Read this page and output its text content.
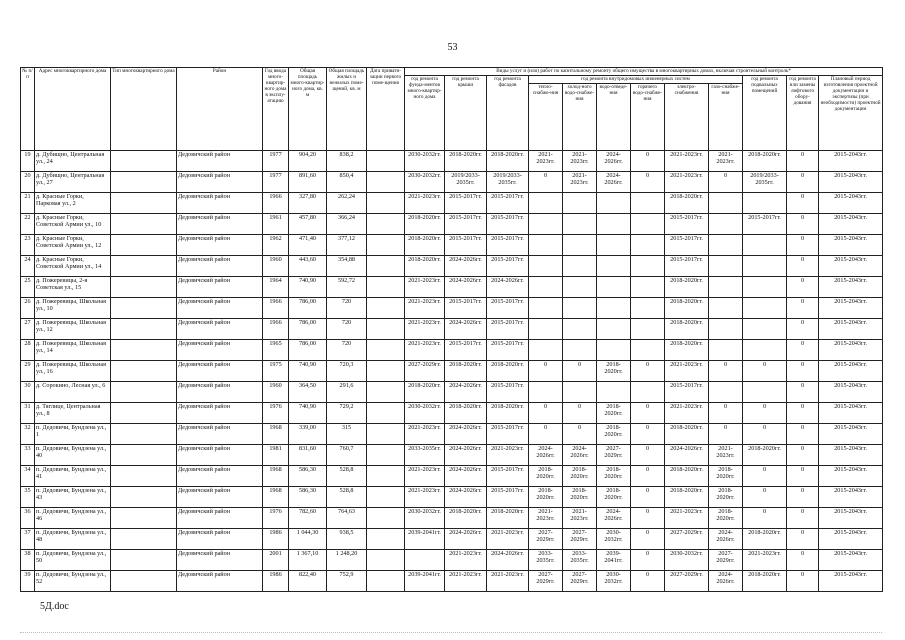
53
№ п/п	Адрес многоквартирного дома	Тип многоквартирного дома	Район	Год ввода много-квартир-ного дома в эксплу-атацию	Общая площадь много-квартир-ного дома, кв. м	Общая площадь жилых и нежилых поме-щений, кв. м	Дата привати-зации первого поме-щения	Виды услуг и (или) работ по капитальному ремонту общего имущества в многоквартирных домах, включая строительный контроль*											
								год ремонта фунда-ментов много-квартир-ного дома	год ремонта крыши	год ремонта фасадов	год ремонта внутридомовых инженерных систем						год ремонта подвальных помещений	год ремонта или замены лифтового обору-дования	Плановый период изготовления проектной документации и экспертизы (при необходимости) проектной документации
											тепло-снабже-ния	холод-ного водо-снабже-ния	водо-отведе-ния	горячего водо-снабже-ния	электро-снабжения	газо-снабже-ния			
19	д. Дубищно, Центральная ул., 24		Дедовичский район	1977	904,20	838,2		2030-2032гг.	2018-2020гг.	2018-2020гг.	2021-2023гг.	2021-2023гг.	2024-2026гг.	0	2021-2023гг.	2021-2023гг.	2018-2020гг.	0	2015-2043гг.
20	д. Дубищно, Центральная ул., 27		Дедовичский район	1977	891,60	850,4		2030-2032гг.	2019/2033-2035гг.	2019/2033-2035гг.	0	2021-2023гг.	2024-2026гг.	0	2021-2023гг.	0	2019/2033-2035гг.	0	2015-2043гг.
21	д. Красные Горки, Парковая ул., 2		Дедовичский район	1966	327,80	262,24		2021-2023гг.	2015-2017гг.	2015-2017гг.					2018-2020гг.			0	2015-2043гг.
22	д. Красные Горки, Советской Армии ул., 10		Дедовичский район	1961	457,80	366,24		2018-2020гг.	2015-2017гг.	2015-2017гг.					2015-2017гг.		2015-2017гг.	0	2015-2043гг.
23	д. Красные Горки, Советской Армии ул., 12		Дедовичский район	1962	471,40	377,12		2018-2020гг.	2015-2017гг.	2015-2017гг.					2015-2017гг.			0	2015-2043гг.
24	д. Красные Горки, Советской Армии ул., 14		Дедовичский район	1960	443,60	354,88		2018-2020гг.	2024-2026гг.	2015-2017гг.					2015-2017гг.			0	2015-2043гг.
25	д. Пожеревицы, 2-я Советская ул., 15		Дедовичский район	1964	740,90	592,72		2021-2023гг.	2024-2026гг.	2024-2026гг.					2018-2020гг.			0	2015-2043гг.
26	д. Пожеревицы, Школьная ул., 10		Дедовичский район	1966	786,00	720		2021-2023гг.	2015-2017гг.	2015-2017гг.					2018-2020гг.			0	2015-2043гг.
27	д. Пожеревицы, Школьная ул., 12		Дедовичский район	1966	786,00	720		2021-2023гг.	2024-2026гг.	2015-2017гг.					2018-2020гг.			0	2015-2043гг.
28	д. Пожеревицы, Школьная ул., 14		Дедовичский район	1965	786,00	720		2021-2023гг.	2015-2017гг.	2015-2017гг.					2018-2020гг.			0	2015-2043гг.
29	д. Пожеревицы, Школьная ул., 16		Дедовичский район	1975	740,90	720,3		2027-2029гг.	2018-2020гг.	2018-2020гг.	0	0	2018-2020гг.	0	2021-2023гг.	0	0	0	2015-2043гг.
30	д. Сорокино, Лесная ул., 6		Дедовичский район	1960	364,50	291,6		2018-2020гг.	2024-2026гг.	2015-2017гг.					2015-2017гг.			0	2015-2043гг.
31	д. Тяглице, Центральная ул., 8		Дедовичский район	1976	740,90	729,2		2030-2032гг.	2018-2020гг.	2018-2020гг.	0	0	2018-2020гг.	0	2021-2023гг.	0	0	0	2015-2043гг.
32	п. Дедовичи, Бундзена ул., 1		Дедовичский район	1968	339,00	315		2021-2023гг.	2024-2026гг.	2015-2017гг.	0	0	2018-2020гг.	0	2018-2020гг.	0	0	0	2015-2043гг.
33	п. Дедовичи, Бундзена ул., 40		Дедовичский район	1981	831,60	760,7		2033-2035гг.	2024-2026гг.	2021-2023гг.	2024-2026гг.	2024-2026гг.	2027-2029гг.	0	2024-2026гг.	2021-2023гг.	2018-2020гг.	0	2015-2043гг.
34	п. Дедовичи, Бундзена ул., 41		Дедовичский район	1968	586,30	528,8		2021-2023гг.	2024-2026гг.	2015-2017гг.	2018-2020гг.	2018-2020гг.	2018-2020гг.	0	2018-2020гг.	2018-2020гг.	0	0	2015-2043гг.
35	п. Дедовичи, Бундзена ул., 43		Дедовичский район	1968	586,30	528,8		2021-2023гг.	2024-2026гг.	2015-2017гг.	2018-2020гг.	2018-2020гг.	2018-2020гг.	0	2018-2020гг.	2018-2020гг.	0	0	2015-2043гг.
36	п. Дедовичи, Бундзена ул., 46		Дедовичский район	1976	782,60	764,63		2030-2032гг.	2018-2020гг.	2018-2020гг.	2021-2023гг.	2021-2023гг.	2024-2026гг.	0	2021-2023гг.	2018-2020гг.	0	0	2015-2043гг.
37	п. Дедовичи, Бундзена ул., 48		Дедовичский район	1986	1 044,30	938,5		2039-2041гг.	2024-2026гг.	2021-2023гг.	2027-2029гг.	2027-2029гг.	2030-2032гг.	0	2027-2029гг.	2024-2026гг.	2018-2020гг.	0	2015-2043гг.
38	п. Дедовичи, Бундзена ул., 50		Дедовичский район	2001	1 367,10	1 248,20			2021-2023гг.	2024-2026гг.	2033-2035гг.	2033-2035гг.	2039-2041гг.	0	2030-2032гг.	2027-2029гг.	2021-2023гг.	0	2015-2043гг.
39	п. Дедовичи, Бундзена ул., 52		Дедовичский район	1986	822,40	752,9		2039-2041гг.	2021-2023гг.	2021-2023гг.	2027-2029гг.	2027-2029гг.	2030-2032гг.	0	2027-2029гг.	2024-2026гг.	2018-2020гг.	0	2015-2043гг.
5Д.doc
